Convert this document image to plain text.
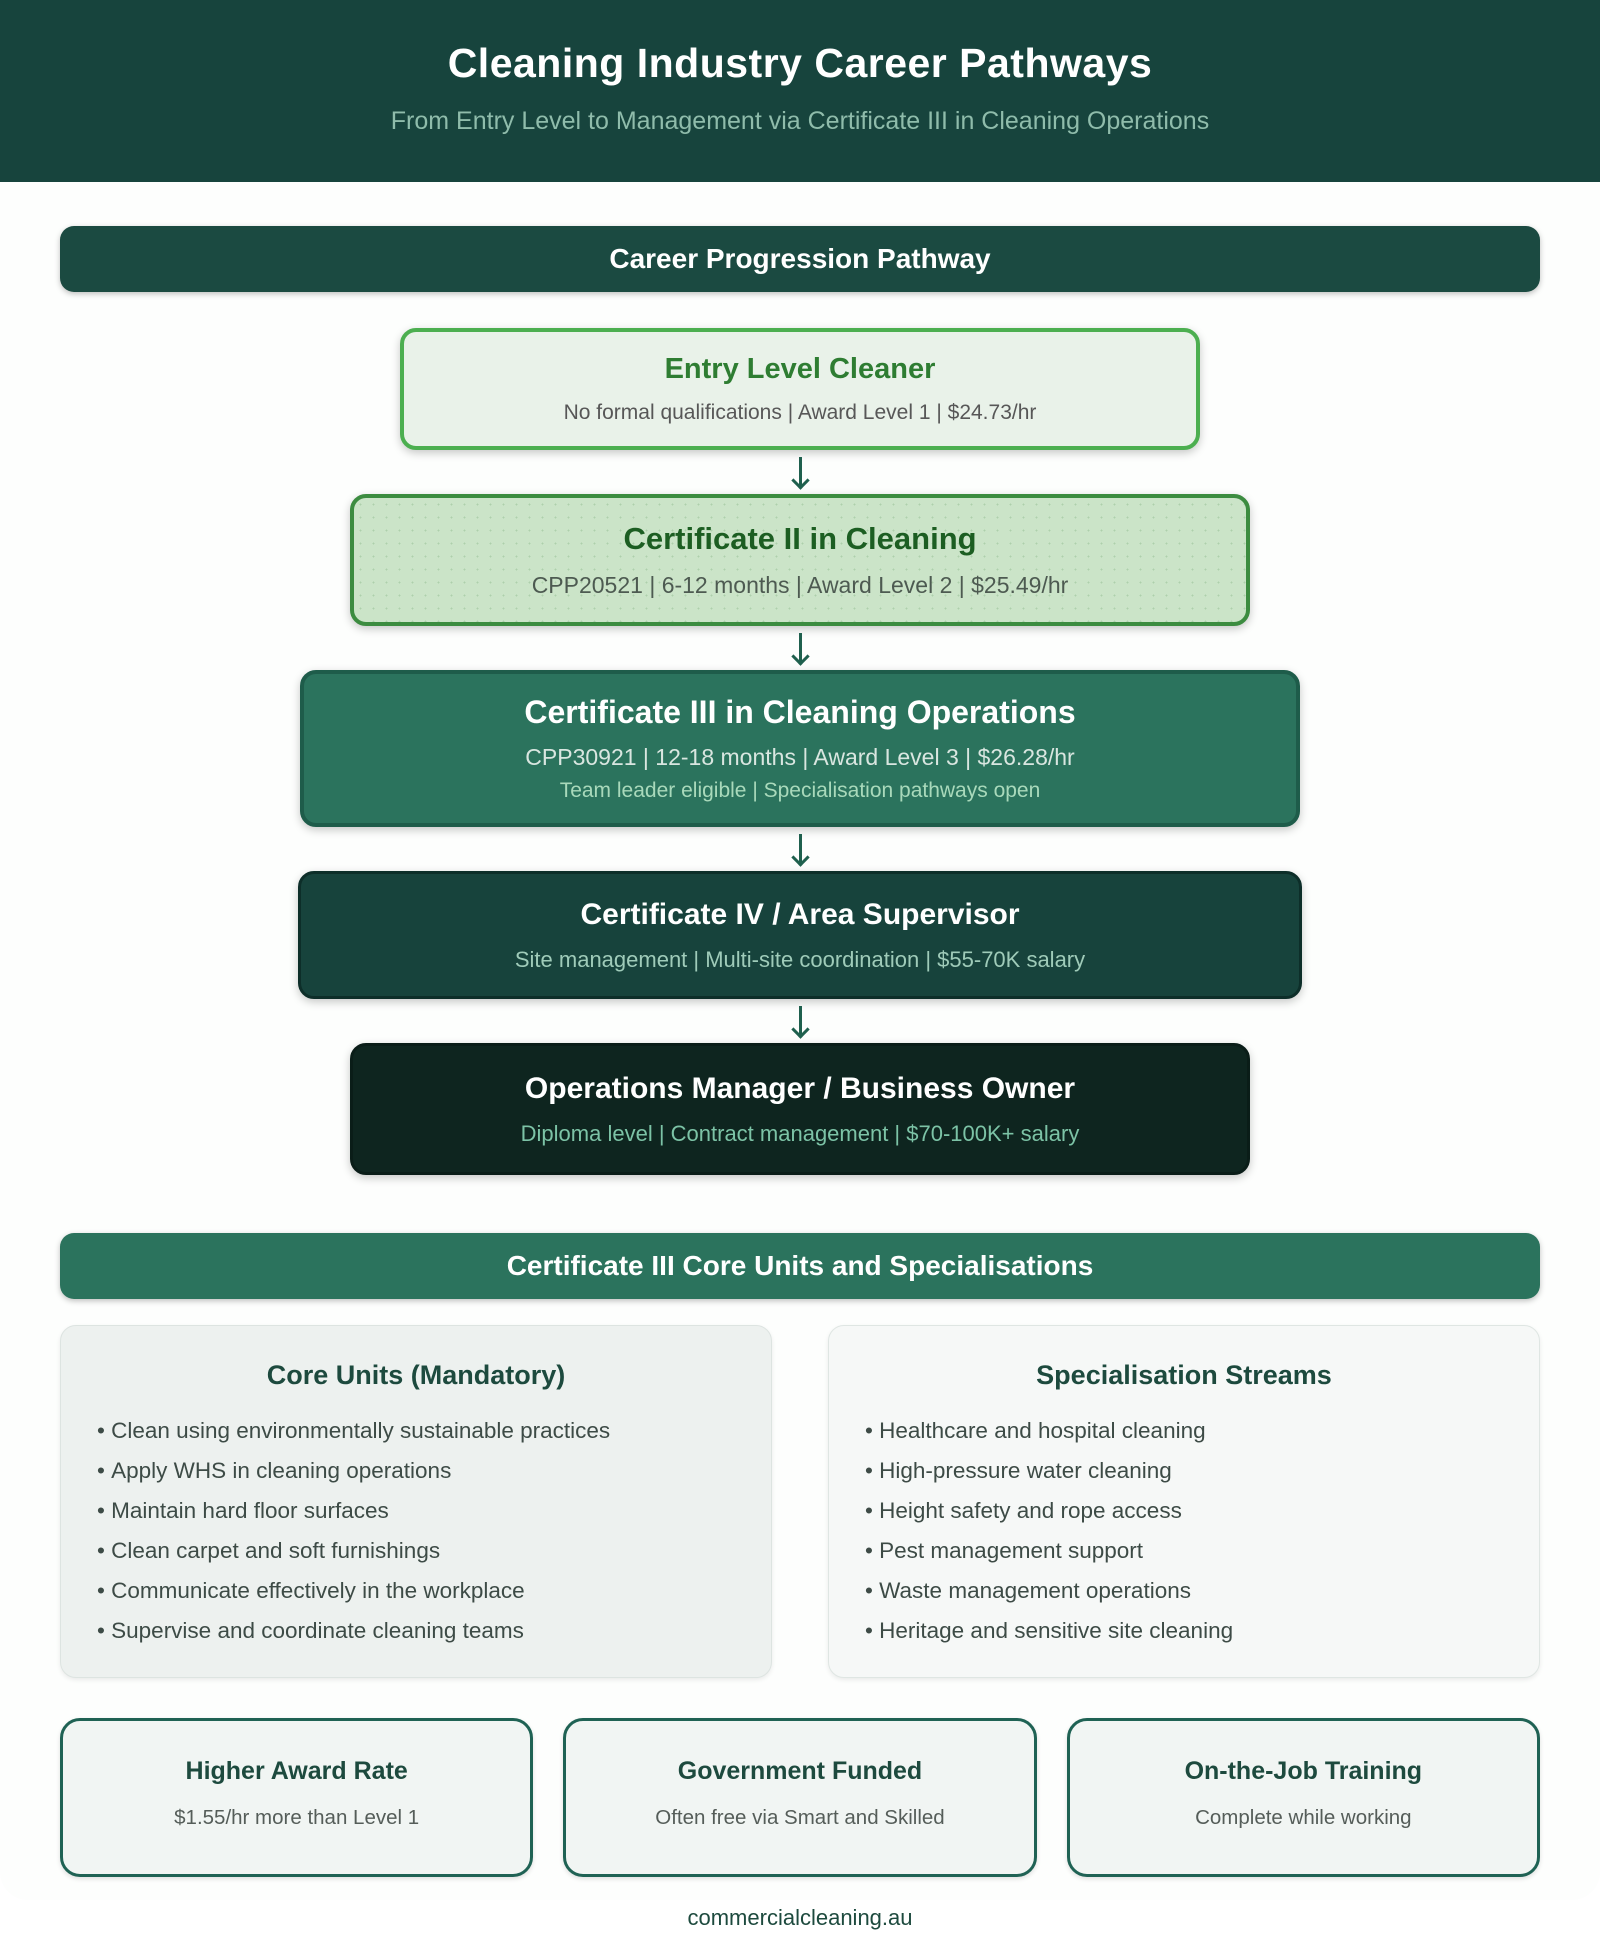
Cleaning Industry Career Pathways

From Entry Level to Management via Certificate III in Cleaning Operations

Career Progression Pathway

Entry Level Cleaner

No formal qualifications | Award Level 1 | $24.73/hr

Certificate II in Cleaning

CPP20521 | 6-12 months | Award Level 2 | $25.49/hr

Certificate III in Cleaning Operations

CPP30921 | 12-18 months | Award Level 3 | $26.28/hr

Team leader eligible | Specialisation pathways open

Certificate IV / Area Supervisor

Site management | Multi-site coordination | $55-70K salary

Operations Manager / Business Owner

Diploma level | Contract management | $70-100K+ salary

Certificate III Core Units and Specialisations
Core Units (Mandatory)
• Clean using environmentally sustainable practices
• Apply WHS in cleaning operations
• Maintain hard floor surfaces
• Clean carpet and soft furnishings
• Communicate effectively in the workplace
• Supervise and coordinate cleaning teams
Specialisation Streams
• Healthcare and hospital cleaning
• High-pressure water cleaning
• Height safety and rope access
• Pest management support
• Waste management operations
• Heritage and sensitive site cleaning

Higher Award Rate

$1.55/hr more than Level 1

Government Funded

Often free via Smart and Skilled

On-the-Job Training

Complete while working

commercialcleaning.au
